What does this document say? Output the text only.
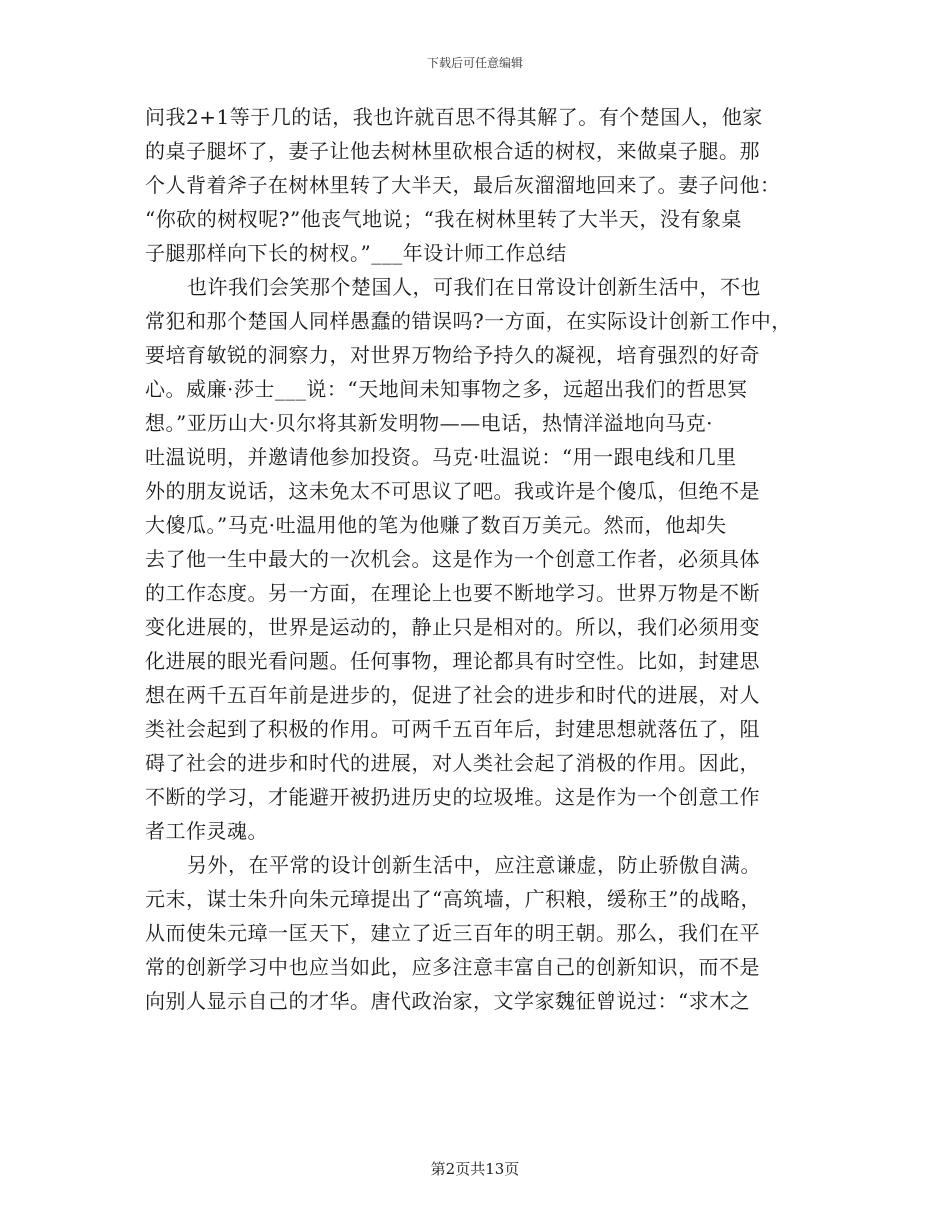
下载后可任意编辑
问我2+1等于几的话，我也许就百思不得其解了。有个楚国人，他家
的桌子腿坏了，妻子让他去树林里砍根合适的树杈，来做桌子腿。那
个人背着斧子在树林里转了大半天，最后灰溜溜地回来了。妻子问他：
“你砍的树杈呢?”他丧气地说；“我在树林里转了大半天，没有象桌
子腿那样向下长的树杈。”___年设计师工作总结
也许我们会笑那个楚国人，可我们在日常设计创新生活中，不也
常犯和那个楚国人同样愚蠢的错误吗?一方面，在实际设计创新工作中，
要培育敏锐的洞察力，对世界万物给予持久的凝视，培育强烈的好奇
心。威廉·莎士___说：“天地间未知事物之多，远超出我们的哲思冥
想。”亚历山大·贝尔将其新发明物——电话，热情洋溢地向马克·
吐温说明，并邀请他参加投资。马克·吐温说：“用一跟电线和几里
外的朋友说话，这未免太不可思议了吧。我或许是个傻瓜，但绝不是
大傻瓜。”马克·吐温用他的笔为他赚了数百万美元。然而，他却失
去了他一生中最大的一次机会。这是作为一个创意工作者，必须具体
的工作态度。另一方面，在理论上也要不断地学习。世界万物是不断
变化进展的，世界是运动的，静止只是相对的。所以，我们必须用变
化进展的眼光看问题。任何事物，理论都具有时空性。比如，封建思
想在两千五百年前是进步的，促进了社会的进步和时代的进展，对人
类社会起到了积极的作用。可两千五百年后，封建思想就落伍了，阻
碍了社会的进步和时代的进展，对人类社会起了消极的作用。因此，
不断的学习，才能避开被扔进历史的垃圾堆。这是作为一个创意工作
者工作灵魂。
另外，在平常的设计创新生活中，应注意谦虚，防止骄傲自满。
元末，谋士朱升向朱元璋提出了“高筑墙，广积粮，缓称王”的战略，
从而使朱元璋一匡天下，建立了近三百年的明王朝。那么，我们在平
常的创新学习中也应当如此，应多注意丰富自己的创新知识，而不是
向别人显示自己的才华。唐代政治家，文学家魏征曾说过：“求木之
第2页共13页
